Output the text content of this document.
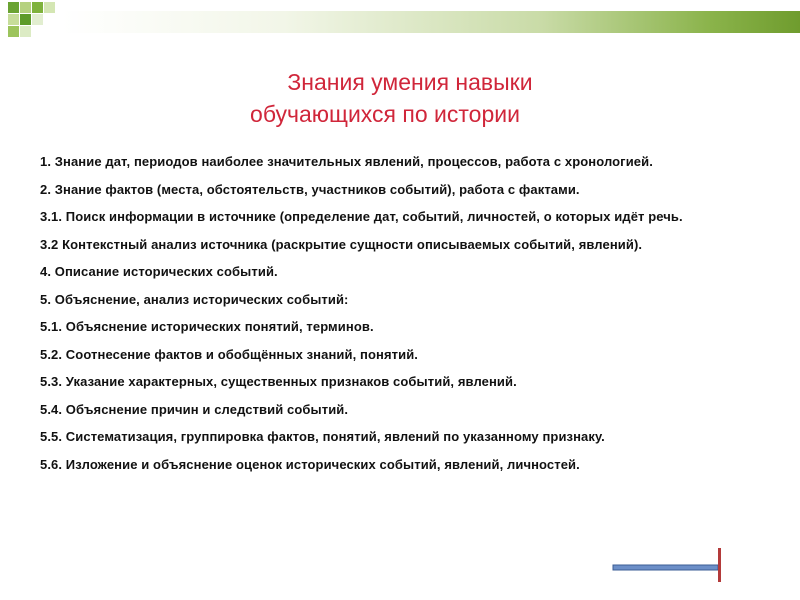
Знания умения навыки
обучающихся по истории
1. Знание дат, периодов наиболее значительных явлений, процессов, работа с хронологией.
2. Знание фактов (места, обстоятельств, участников событий), работа с фактами.
3.1. Поиск информации в источнике (определение дат, событий, личностей, о которых идёт речь.
3.2 Контекстный анализ источника (раскрытие сущности описываемых событий, явлений).
4. Описание исторических событий.
5. Объяснение, анализ исторических событий:
5.1. Объяснение исторических понятий, терминов.
5.2. Соотнесение фактов и обобщённых знаний, понятий.
5.3. Указание характерных, существенных признаков событий, явлений.
5.4. Объяснение причин и следствий событий.
5.5. Систематизация, группировка фактов, понятий, явлений по указанному признаку.
5.6. Изложение и объяснение оценок исторических событий, явлений, личностей.
